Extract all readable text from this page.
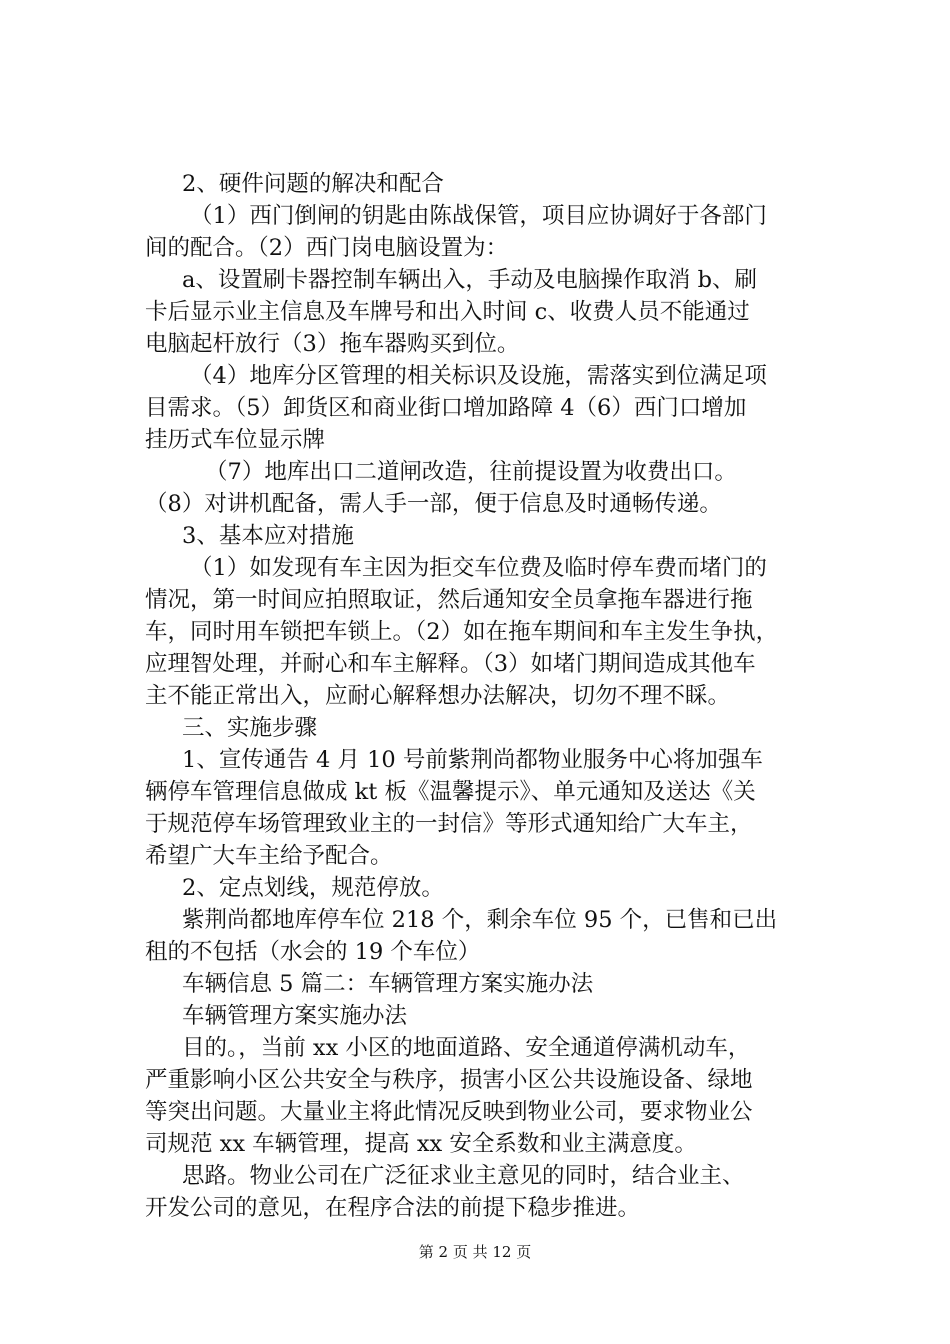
2、硬件问题的解决和配合
（1）西门倒闸的钥匙由陈战保管，项目应协调好于各部门
间的配合。（2）西门岗电脑设置为：
a、设置刷卡器控制车辆出入，手动及电脑操作取消 b、刷
卡后显示业主信息及车牌号和出入时间 c、收费人员不能通过
电脑起杆放行（3）拖车器购买到位。
（4）地库分区管理的相关标识及设施，需落实到位满足项
目需求。（5）卸货区和商业街口增加路障 4（6）西门口增加
挂历式车位显示牌
（7）地库出口二道闸改造，往前提设置为收费出口。
（8）对讲机配备，需人手一部，便于信息及时通畅传递。
3、基本应对措施
（1）如发现有车主因为拒交车位费及临时停车费而堵门的
情况，第一时间应拍照取证，然后通知安全员拿拖车器进行拖
车，同时用车锁把车锁上。（2）如在拖车期间和车主发生争执，
应理智处理，并耐心和车主解释。（3）如堵门期间造成其他车
主不能正常出入，应耐心解释想办法解决，切勿不理不睬。
三、实施步骤
1、宣传通告 4 月 10 号前紫荆尚都物业服务中心将加强车
辆停车管理信息做成 kt 板《温馨提示》、单元通知及送达《关
于规范停车场管理致业主的一封信》等形式通知给广大车主，
希望广大车主给予配合。
2、定点划线，规范停放。
紫荆尚都地库停车位 218 个，剩余车位 95 个，已售和已出
租的不包括（水会的 19 个车位）
车辆信息 5 篇二：车辆管理方案实施办法
车辆管理方案实施办法
目的。，当前 xx 小区的地面道路、安全通道停满机动车，
严重影响小区公共安全与秩序，损害小区公共设施设备、绿地
等突出问题。大量业主将此情况反映到物业公司，要求物业公
司规范 xx 车辆管理，提高 xx 安全系数和业主满意度。
思路。物业公司在广泛征求业主意见的同时，结合业主、
开发公司的意见，在程序合法的前提下稳步推进。
第 2 页 共 12 页
